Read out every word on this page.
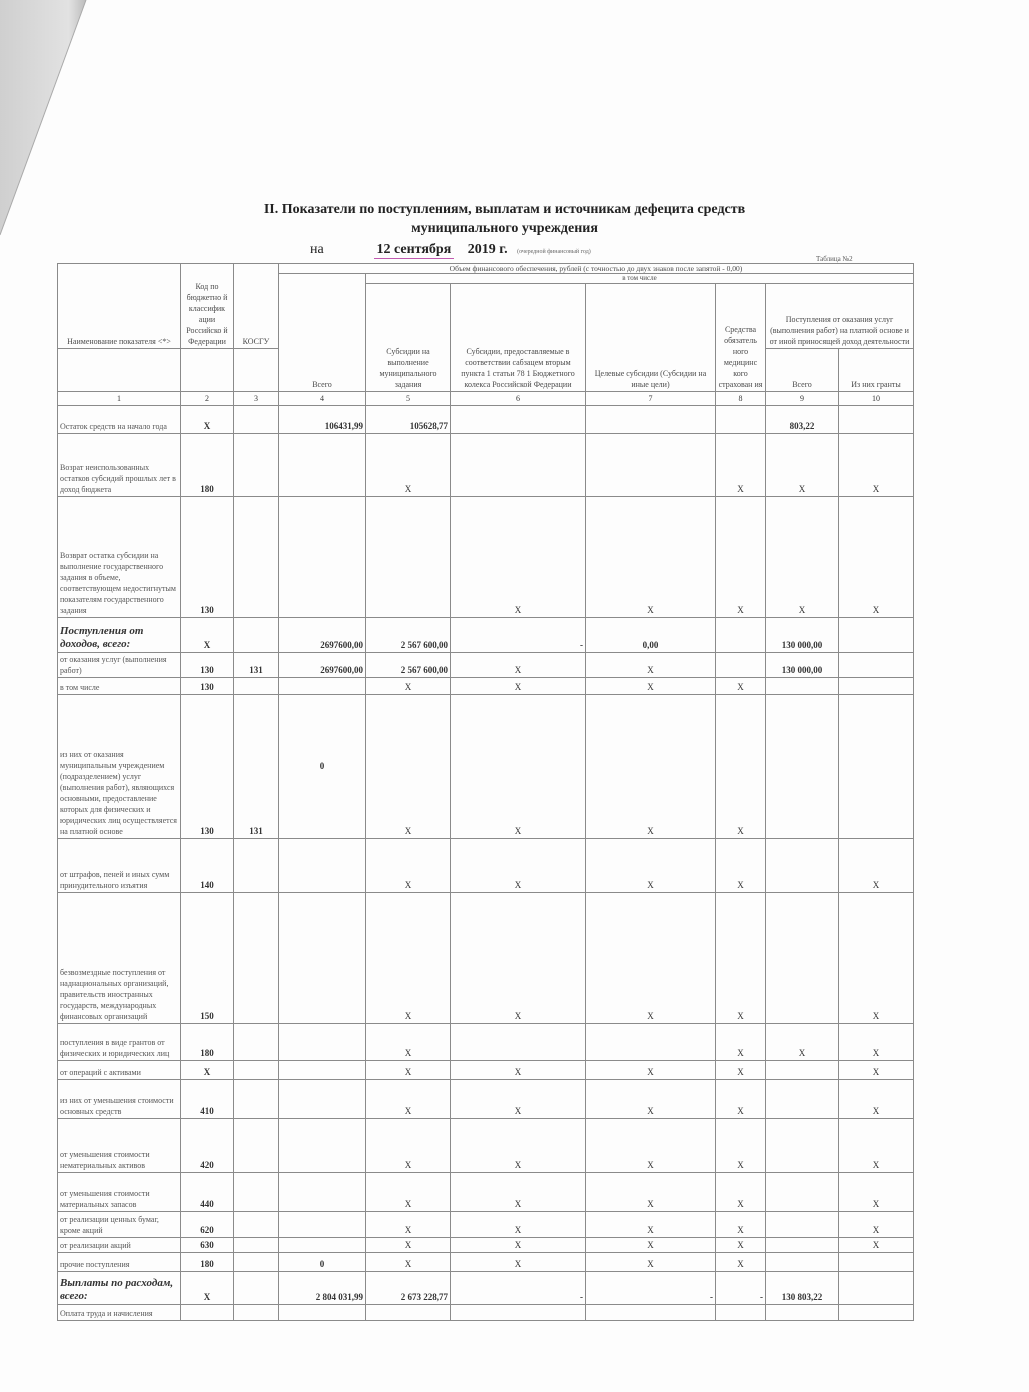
II. Показатели по поступлениям, выплатам и источникам дефецита средств
муниципального учреждения
на	12 сентября 2019 г. (очередной финансовый год)
Таблица №2
Наименование показателя <*>	Код по бюджетно й классифик ации Российско й Федерации	КОСГУ	Объем финансового обеспечения, рублей (с точностью до двух знаков после запятой - 0,00)						
			Всего	в том числе					
				Субсидии на выполнение муниципального задания	Субсидии, предоставляемые в соответствии сабзацем вторым пункта 1 статьи 78 1 Бюджетного колекса Российской Федерации	Целевые субсидии (Субсидии на иные цели)	Средства обязатель ного медицинс кого страхован ия	Поступления от оказания услуг (выполнения работ) на платной основе и от иной приносящей доход деятельности	
								Всего	Из них гранты
1	2	3	4	5	6	7	8	9	10
Остаток средств на начало года	X		106431,99	105628,77				803,22	
Возрат неиспользованных остатков субсидий прошлых лет в доход бюджета	180			X			X	X	X
Возврат остатка субсидии на выполнение государственного задания в объеме, соответствующем недостигнутым показателям государственного задания	130				X	X	X	X	X
Поступления от доходов, всего:	X		2697600,00	2 567 600,00	-	0,00		130 000,00	
от оказания услуг (выполнения работ)	130	131	2697600,00	2 567 600,00	X	X		130 000,00	
в том числе	130			X	X	X	X		
из них от оказания муниципальным учреждением (подразделением) услуг (выполнения работ), являющихся основными, предоставление которых для физических и юридических лиц осуществляется на платной основе	130	131	0	X	X	X	X		
от штрафов, пеней и иных сумм принудительного изъятия	140			X	X	X	X		X
безвозмездные поступления от наднациональных организаций, правительств иностранных государств, международных финансовых организаций	150			X	X	X	X		X
поступления в виде грантов от физических и юридических лиц	180			X			X	X	X
от операций с активами	X			X	X	X	X		X
из них от уменьшения стоимости основных средств	410			X	X	X	X		X
от уменьшения стоимости нематериальных активов	420			X	X	X	X		X
от уменьшения стоимости материальных запасов	440			X	X	X	X		X
от реализации ценных бумаг, кроме акций	620			X	X	X	X		X
от реализации акций	630			X	X	X	X		X
прочие поступления	180		0	X	X	X	X		
Выплаты по расходам, всего:	X		2 804 031,99	2 673 228,77	-	-	-	130 803,22	
Оплата труда и начисления									
